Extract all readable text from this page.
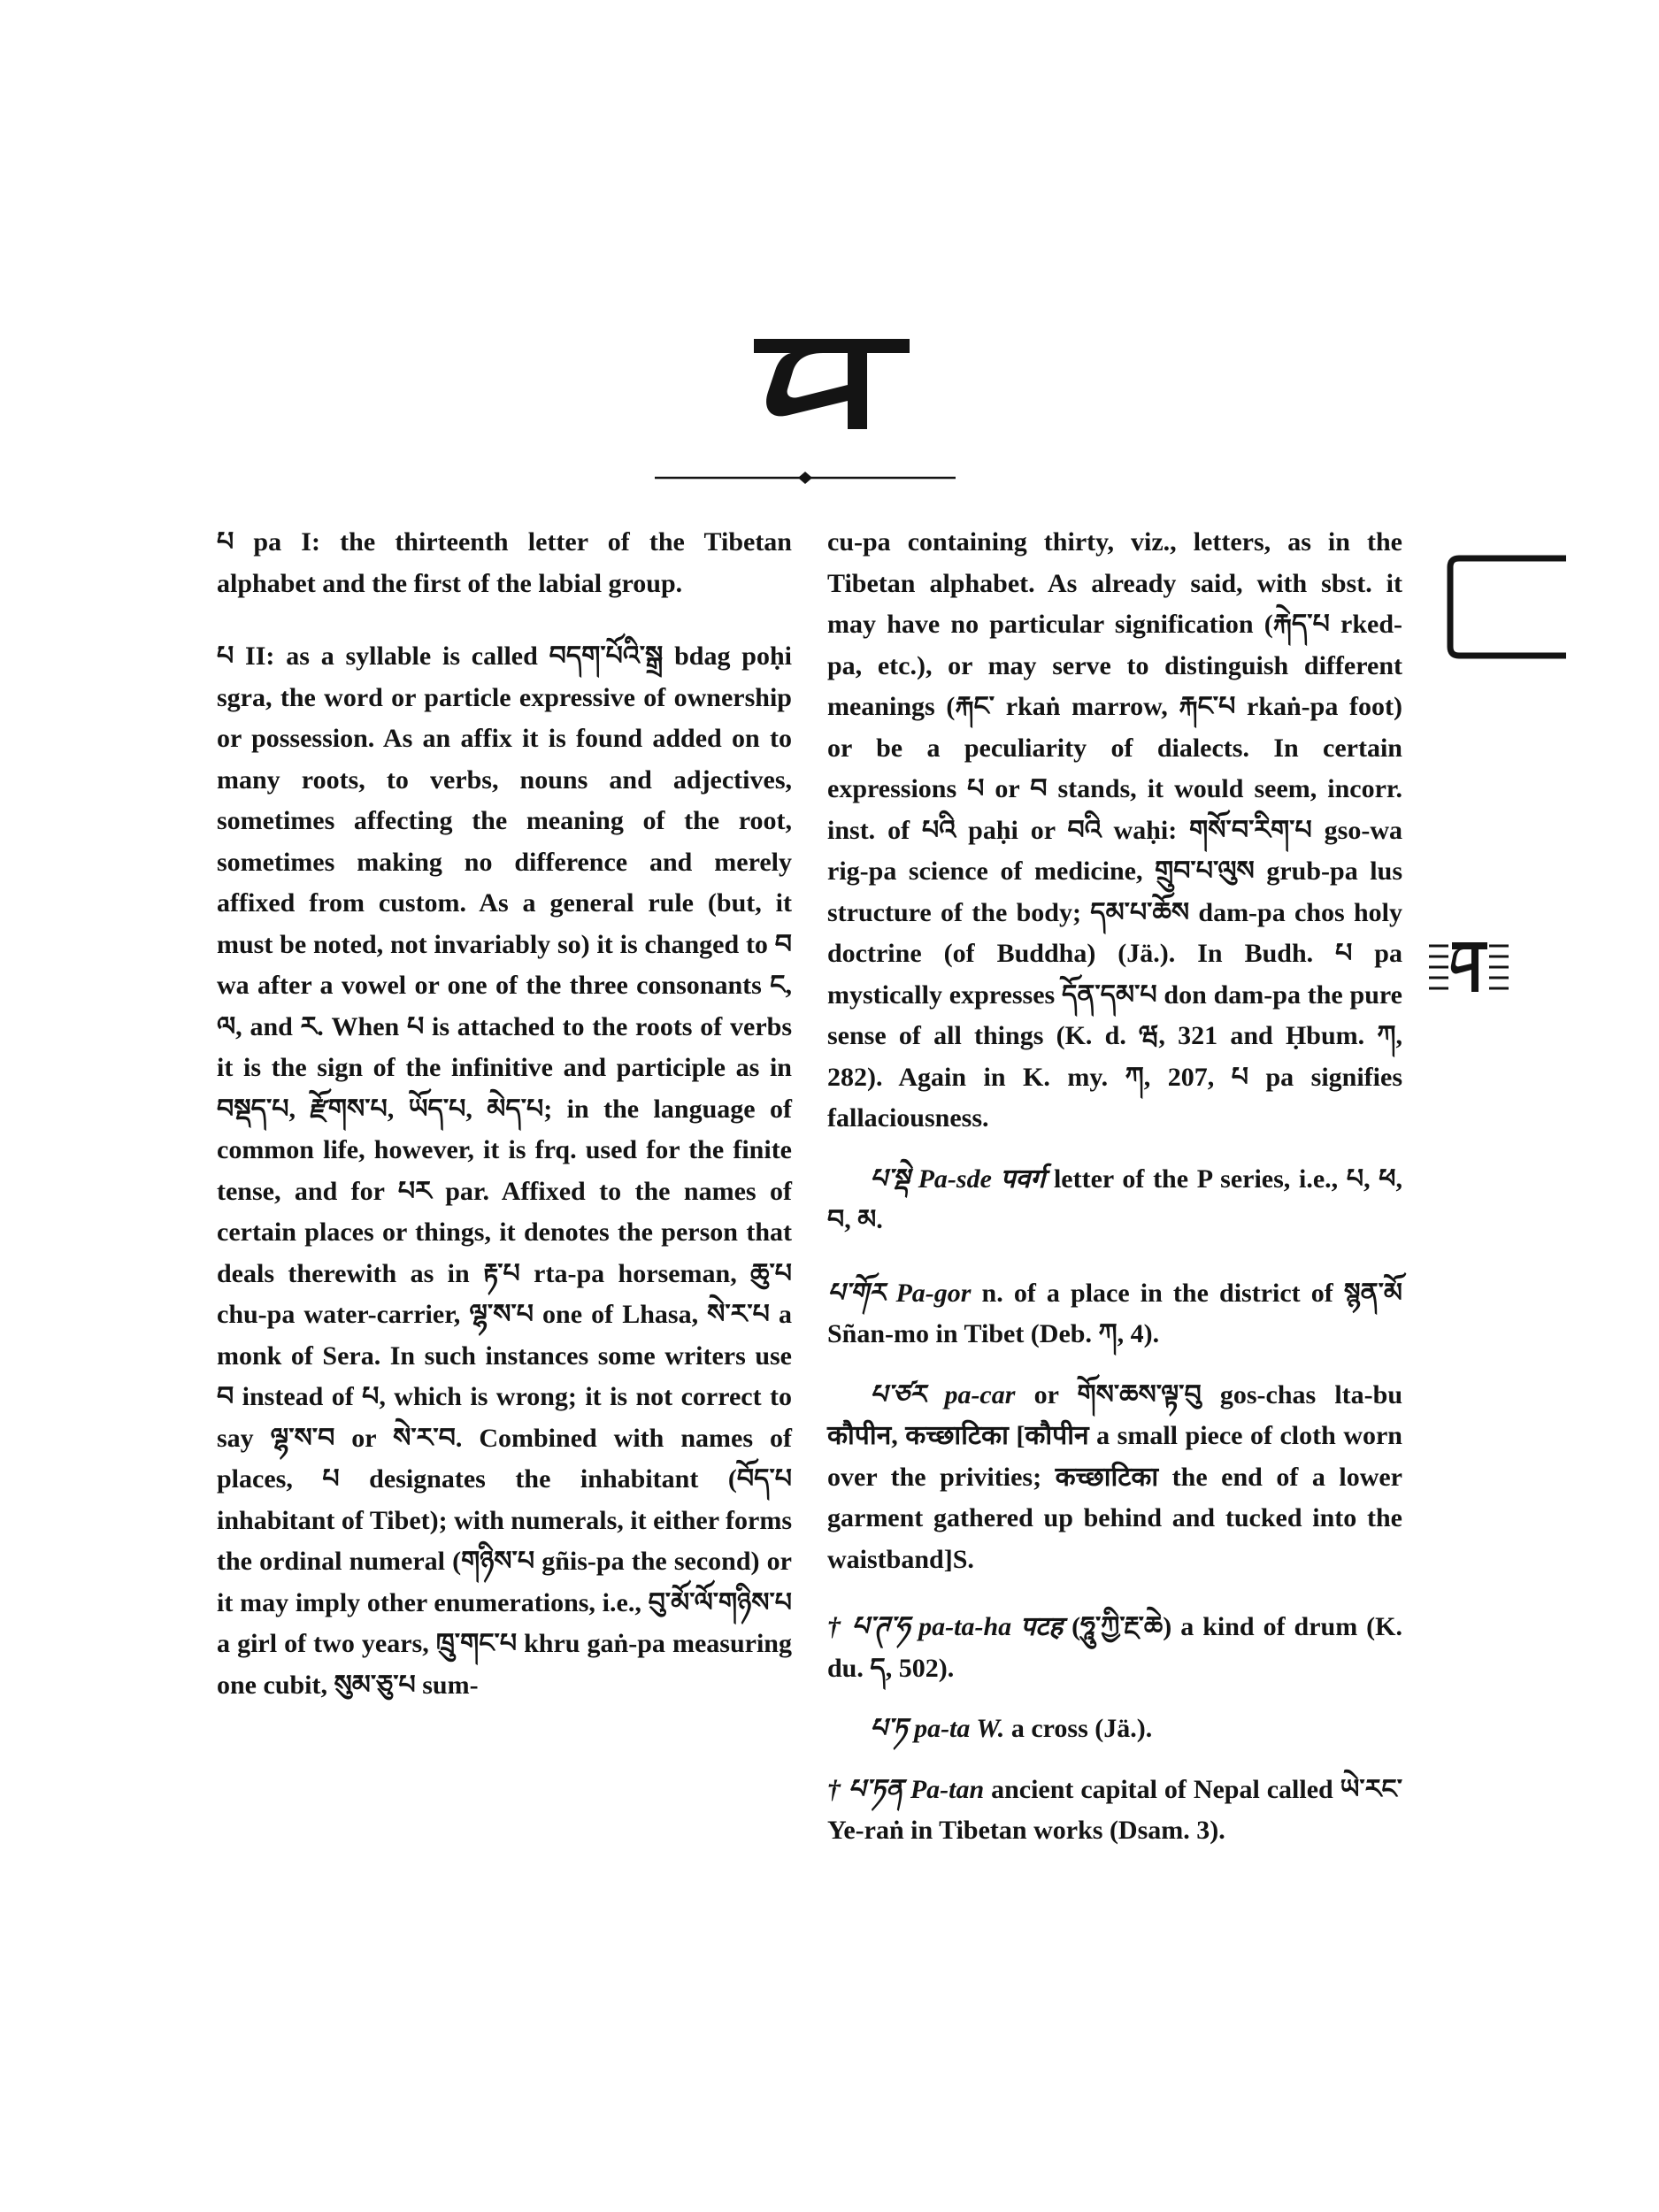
པ pa I: the thirteenth letter of the Tibetan alphabet and the first of the labial group.

པ II: as a syllable is called བདག་པོའི་སྒྲ bdag poḥi sgra, the word or particle expressive of ownership or possession. As an affix it is found added on to many roots, to verbs, nouns and adjectives, sometimes affecting the meaning of the root, sometimes making no difference and merely affixed from custom. As a general rule (but, it must be noted, not invariably so) it is changed to བ wa after a vowel or one of the three consonants ང, ལ, and ར. When པ is attached to the roots of verbs it is the sign of the infinitive and participle as in བསྡད་པ, རྫོགས་པ, ཡོད་པ, མེད་པ; in the language of common life, however, it is frq. used for the finite tense, and for པར par. Affixed to the names of certain places or things, it denotes the person that deals therewith as in རྟ་པ rta-pa horseman, ཆུ་པ chu-pa water-carrier, ལྷ་ས་པ one of Lhasa, སེ་ར་པ a monk of Sera. In such instances some writers use བ instead of པ, which is wrong; it is not correct to say ལྷ་ས་བ or སེ་ར་བ. Combined with names of places, པ designates the inhabitant (བོད་པ inhabitant of Tibet); with numerals, it either forms the ordinal numeral (གཉིས་པ gñis-pa the second) or it may imply other enumerations, i.e., བུ་མོ་ལོ་གཉིས་པ a girl of two years, ཁྲུ་གང་པ khru gaṅ-pa measuring one cubit, སུམ་ཅུ་པ sum-

cu-pa containing thirty, viz., letters, as in the Tibetan alphabet. As already said, with sbst. it may have no particular signification (རྐེད་པ rked-pa, etc.), or may serve to distinguish different meanings (རྐང་ rkaṅ marrow, རྐང་པ rkaṅ-pa foot) or be a peculiarity of dialects. In certain expressions པ or བ stands, it would seem, incorr. inst. of པའི paḥi or བའི waḥi: གསོ་བ་རིག་པ gso-wa rig-pa science of medicine, གྲུབ་པ་ལུས grub-pa lus structure of the body; དམ་པ་ཆོས dam-pa chos holy doctrine (of Buddha) (Jä.). In Budh. པ pa mystically expresses དོན་དམ་པ don dam-pa the pure sense of all things (K. d. ཝ, 321 and Ḥbum. ཀ, 282). Again in K. my. ཀ, 207, པ pa signifies fallaciousness.

པ་སྡེ Pa-sde पवर्ग letter of the P series, i.e., པ, ཕ, བ, མ.

པ་གོར Pa-gor n. of a place in the district of སྙན་མོ Sñan-mo in Tibet (Deb. ཀ, 4).

པ་ཙར pa-car or གོས་ཆས་ལྟ་བུ gos-chas lta-bu कौपीन, कच्छाटिका [कौपीन a small piece of cloth worn over the privities; कच्छाटिका the end of a lower garment gathered up behind and tucked into the waistband]S.

† པ་ཊ་ཧ pa-ta-ha पटह (ཧཱུ་ཀྱི་རྔ་ཆེ) a kind of drum (K. du. ད, 502).

པ་ཏ pa-ta W. a cross (Jä.).

† པ་ཏན Pa-tan ancient capital of Nepal called ཡེ་རང་ Ye-raṅ in Tibetan works (Dsam. 3).
